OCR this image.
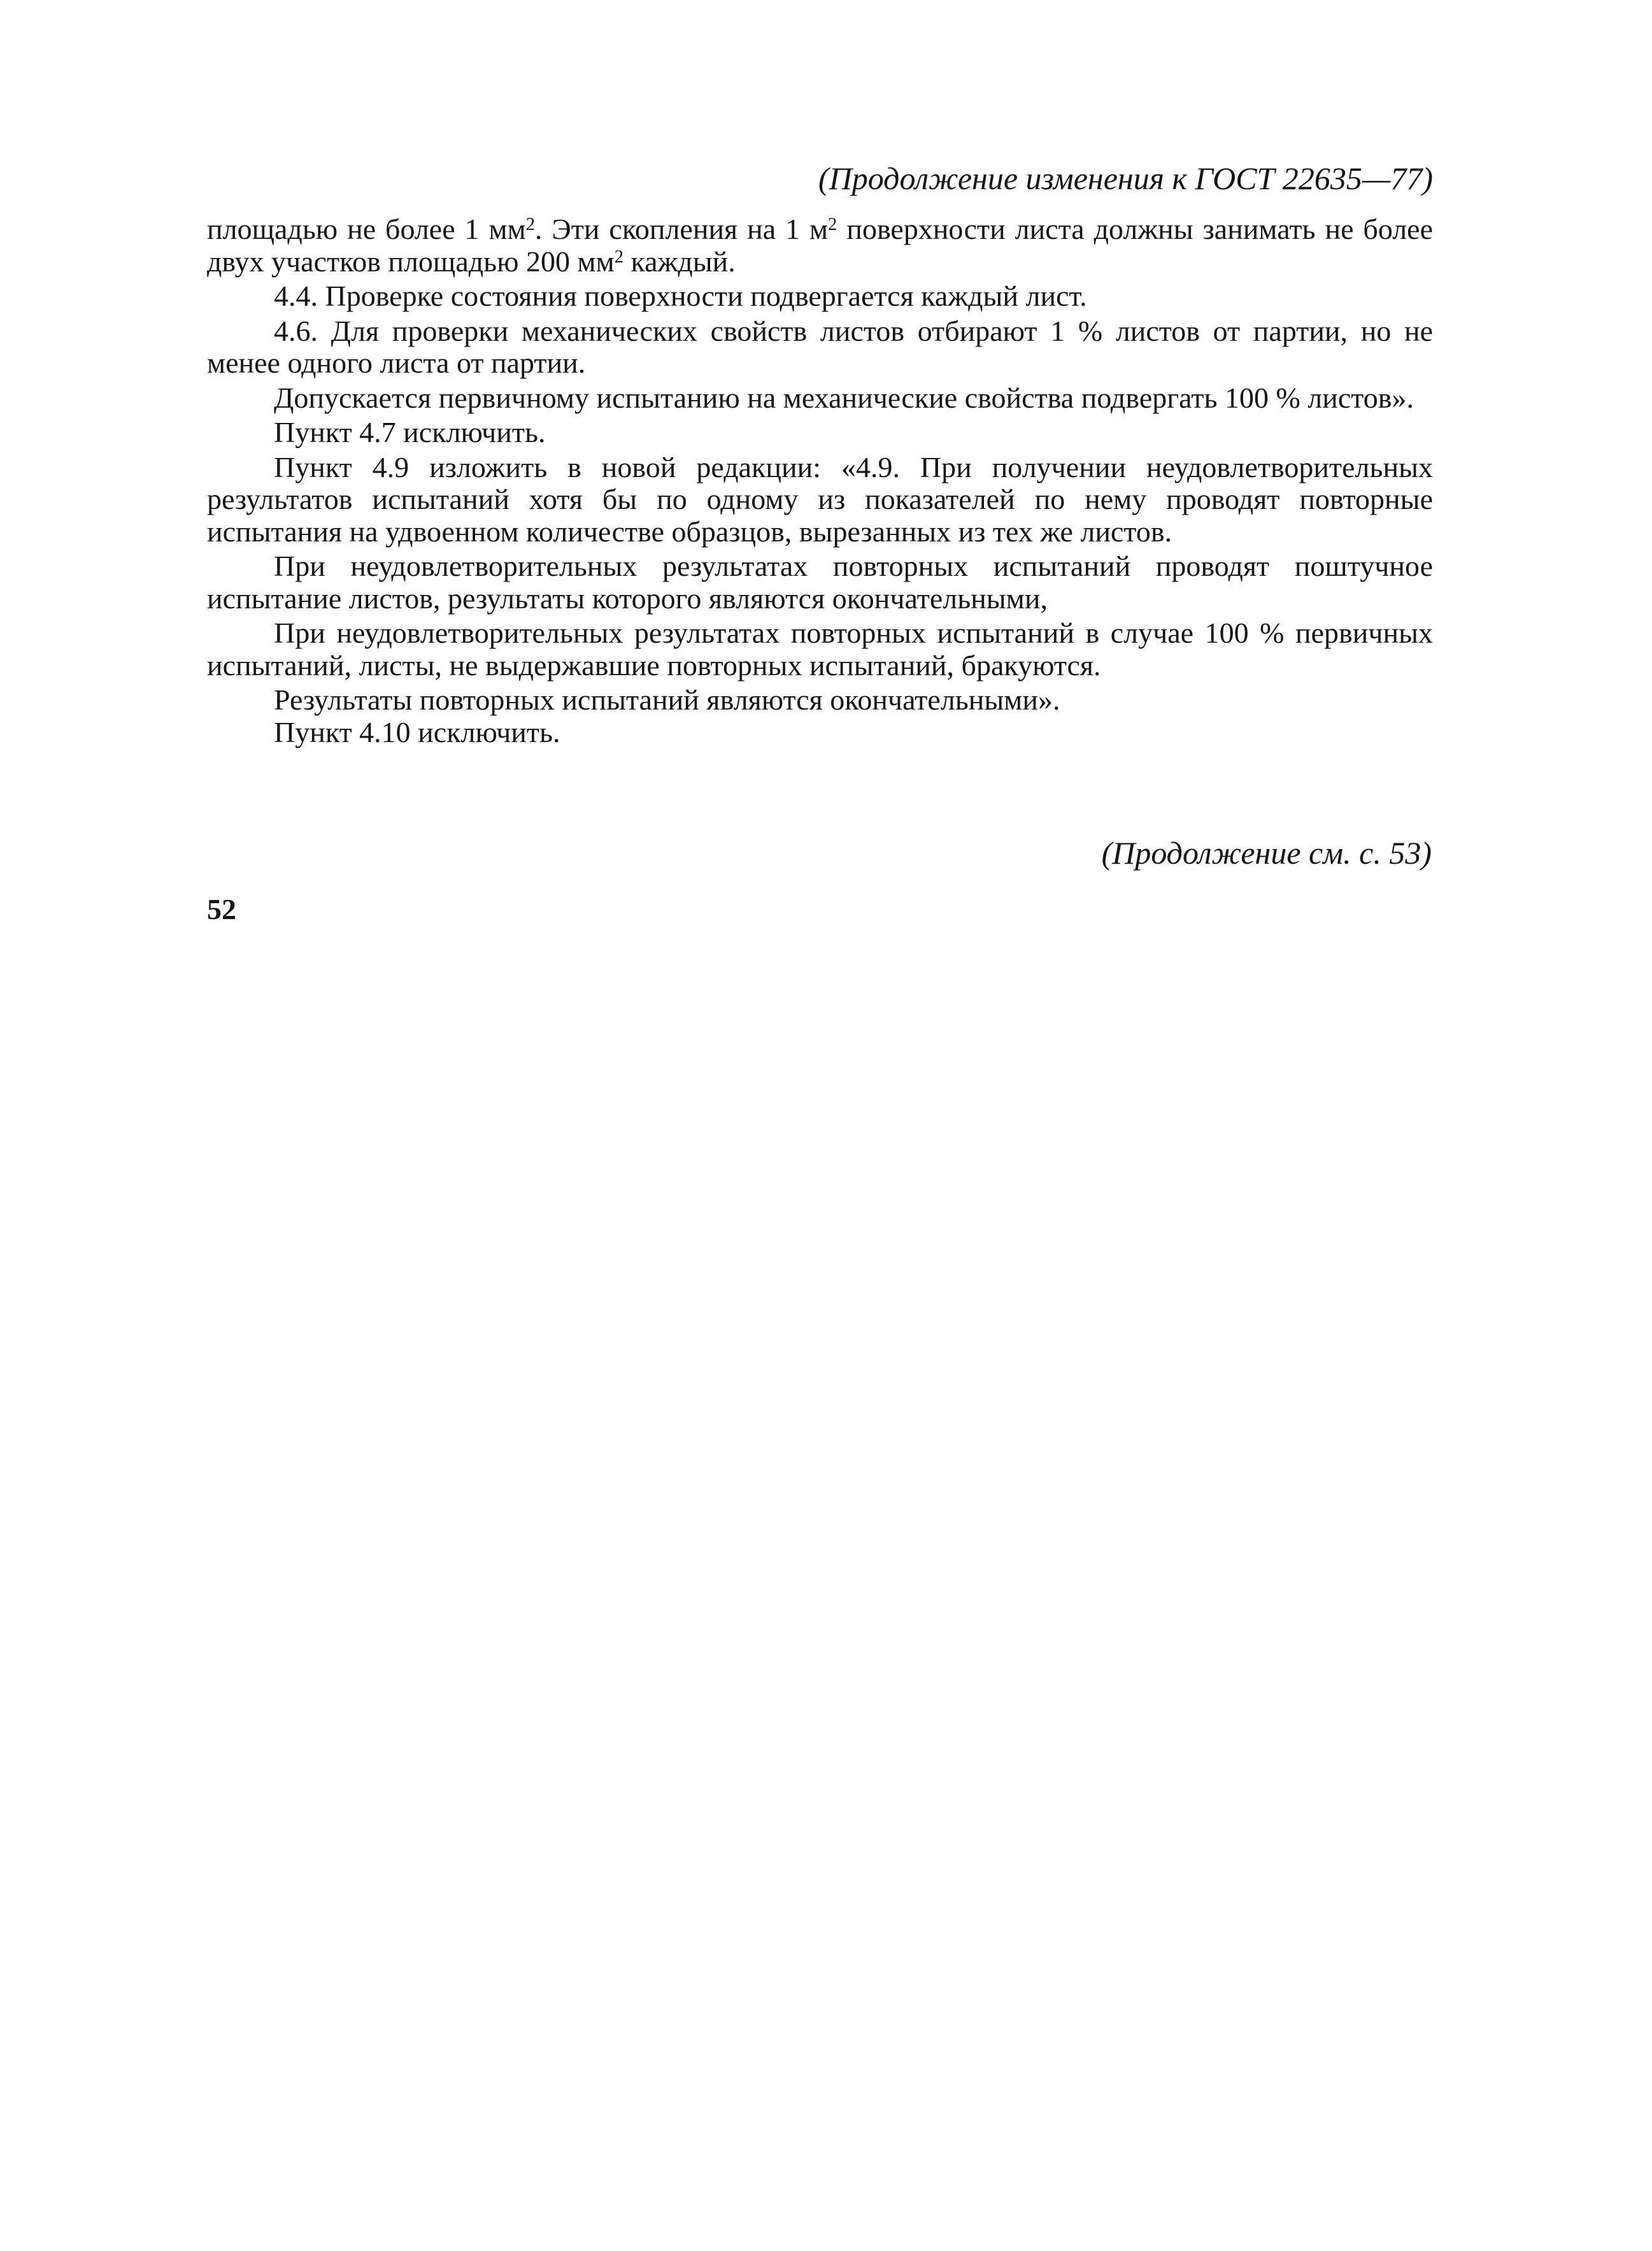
(Продолжение изменения к ГОСТ 22635—77)

площадью не более 1 $мм^2$. Эти скопления на 1 $м^2$ поверхности листа должны занимать не более двух участков площадью 200 $мм^2$ каждый.

4.4. Проверке состояния поверхности подвергается каждый лист.

4.6. Для проверки механических свойств листов отбирают 1 % листов от партии, но не менее одного листа от партии.

Допускается первичному испытанию на механические свойства подвергать 100 % листов».

Пункт 4.7 исключить.

Пункт 4.9 изложить в новой редакции: «4.9. При получении неудовлетворительных результатов испытаний хотя бы по одному из показателей по нему проводят повторные испытания на удвоенном количестве образцов, вырезанных из тех же листов.

При неудовлетворительных результатах повторных испытаний проводят поштучное испытание листов, результаты которого являются окончательными,

При неудовлетворительных результатах повторных испытаний в случае 100 % первичных испытаний, листы, не выдержавшие повторных испытаний, бракуются.

Результаты повторных испытаний являются окончательными».

Пункт 4.10 исключить.

(Продолжение см. с. 53)
52
